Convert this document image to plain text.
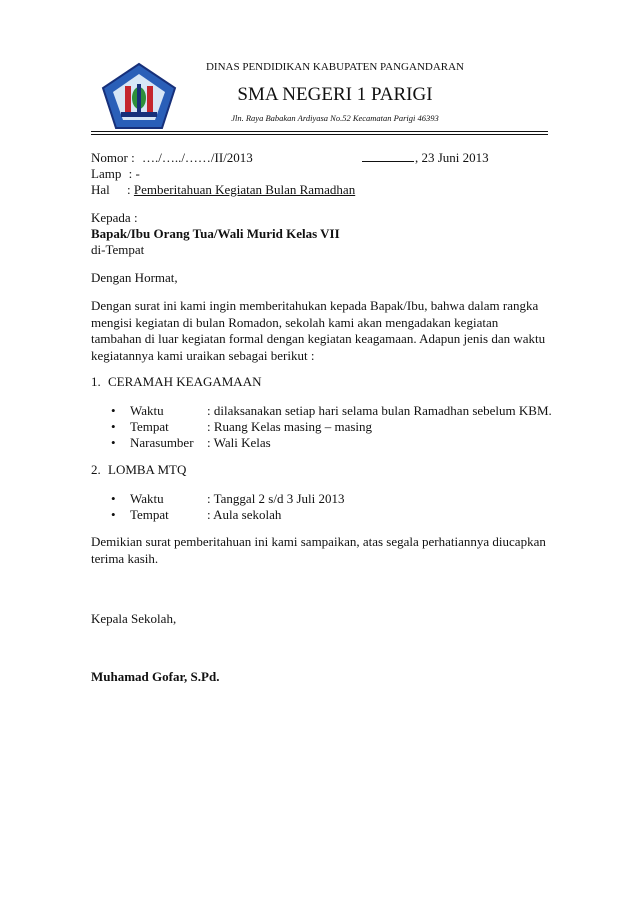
DINAS PENDIDIKAN KABUPATEN PANGANDARAN
SMA NEGERI 1 PARIGI
Jln. Raya Babakan Ardiyasa No.52 Kecamatan Parigi 46393
Nomor : …./…../……/II/2013	, 23 Juni 2013
Lamp : -
Hal : Pemberitahuan Kegiatan Bulan Ramadhan
Kepada :
Bapak/Ibu Orang Tua/Wali Murid Kelas VII
di-Tempat
Dengan Hormat,
Dengan surat ini kami ingin memberitahukan kepada Bapak/Ibu, bahwa dalam rangka mengisi kegiatan di bulan Romadon, sekolah kami akan mengadakan kegiatan tambahan di luar kegiatan formal dengan kegiatan keagamaan. Adapun jenis dan waktu kegiatannya kami uraikan sebagai berikut :
1. CERAMAH KEAGAMAAN
• Waktu	: dilaksanakan setiap hari selama bulan Ramadhan sebelum KBM.
• Tempat	: Ruang Kelas masing – masing
• Narasumber : Wali Kelas
2. LOMBA MTQ
• Waktu	: Tanggal 2 s/d 3 Juli 2013
• Tempat	: Aula sekolah
Demikian surat pemberitahuan ini kami sampaikan, atas segala perhatiannya diucapkan terima kasih.
Kepala Sekolah,
Muhamad Gofar, S.Pd.
